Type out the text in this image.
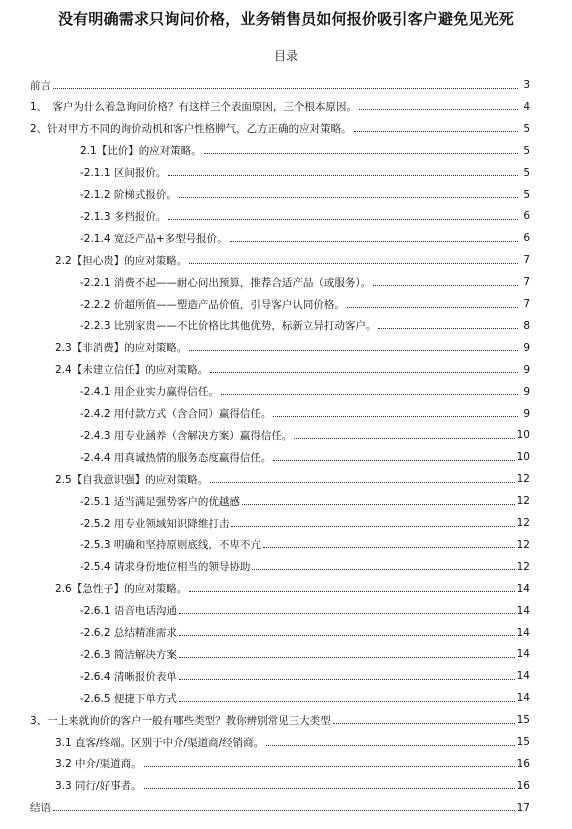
没有明确需求只询问价格，业务销售员如何报价吸引客户避免见光死
目录
前言	3
1、　客户为什么着急询问价格？有这样三个表面原因，三个根本原因。	4
2、针对甲方不同的询价动机和客户性格脾气，乙方正确的应对策略。	5
2.1【比价】的应对策略。	5
-2.1.1 区间报价。	5
-2.1.2 阶梯式报价。	5
-2.1.3 多档报价。	6
-2.1.4 宽泛产品+多型号报价。	6
2.2【担心贵】的应对策略。	7
-2.2.1 消费不起——耐心问出预算，推荐合适产品（或服务）。	7
-2.2.2 价超所值——塑造产品价值，引导客户认同价格。	7
-2.2.3 比别家贵——不比价格比其他优势，标新立异打动客户。	8
2.3【非消费】的应对策略。	9
2.4【未建立信任】的应对策略。	9
-2.4.1 用企业实力赢得信任。	9
-2.4.2 用付款方式（含合同）赢得信任。	9
-2.4.3 用专业涵养（含解决方案）赢得信任。	10
-2.4.4 用真诚热情的服务态度赢得信任。	10
2.5【自我意识强】的应对策略。	12
-2.5.1 适当满足强势客户的优越感	12
-2.5.2 用专业领域知识降维打击	12
-2.5.3 明确和坚持原则底线，不卑不亢	12
-2.5.4 请求身份地位相当的领导协助	12
2.6【急性子】的应对策略。	14
-2.6.1 语音电话沟通	14
-2.6.2 总结精准需求	14
-2.6.3 简洁解决方案	14
-2.6.4 清晰报价表单	14
-2.6.5 便捷下单方式	14
3、一上来就询价的客户一般有哪些类型？教你辨别常见三大类型	15
3.1 直客/终端。区别于中介/渠道商/经销商。	15
3.2 中介/渠道商。	16
3.3 同行/好事者。	16
结语	17
